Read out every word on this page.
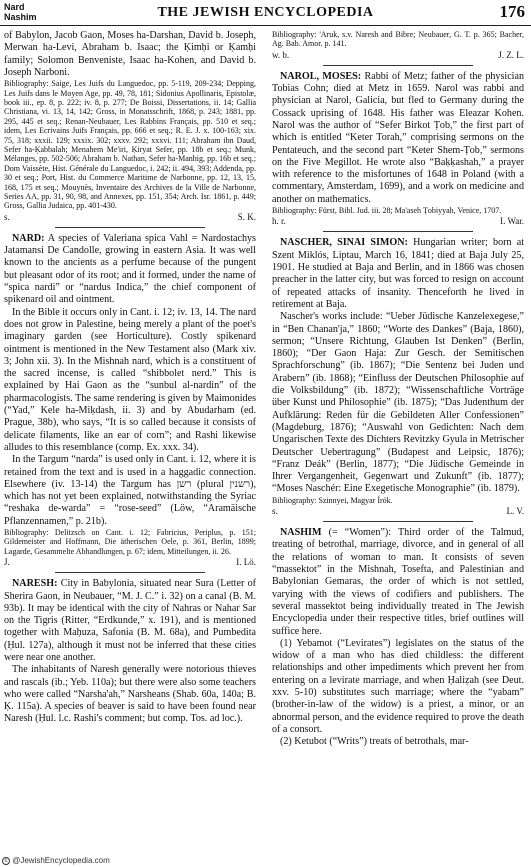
Nard
Nashim	THE JEWISH ENCYCLOPEDIA	176

of Babylon, Jacob Gaon, Moses ha-Darshan, David b. Joseph, Merwan ha-Levi, Abraham b. Isaac; the Ḳimḥi or Ḳamḥi family; Solomon Benveniste, Isaac ha-Kohen, and David b. Joseph Narboni.

Bibliography: Saige, Les Juifs du Languedoc, pp. 5-119, 209-234; Depping, Les Juifs dans le Moyen Age, pp. 49, 78, 181; Sidonius Apollinaris, Epistolæ, book iii., ep. 8, p. 222; iv. 8, p. 277; De Boissi, Dissertations, ii. 14; Gallia Christiana, vi. 13, 14, 142; Gross, in Monatsschrift, 1868, p. 243; 1881, pp. 295, 445 et seq.; Renan-Neubauer, Les Rabbins Français, pp. 510 et seq.; idem, Les Ecrivains Juifs Français, pp. 666 et seq.; R. E. J. x. 100-163; xix. 75, 318; xxxii. 129; xxxix. 302; xxxv. 292; xxxvi. 111; Abraham ibn Daud, Sefer ha-Ḳabbalah; Menahem Me'iri, Ḳiryat Sefer, pp. 18b et seq.; Munk, Mélanges, pp. 502-506; Abraham b. Nathan, Sefer ha-Manhig, pp. 16b et seq.; Dom Vaissète, Hist. Générale du Languedoc, i. 242; ii. 494, 393; Addenda, pp. 30 et seq.; Port, Hist. du Commerce Maritime de Narbonne, pp. 12, 13, 15, 168, 175 et seq.; Mouynès, Inventaire des Archives de la Ville de Narbonne, Series AA, pp. 31, 90, 98, and Annexes, pp. 151, 354; Arch. Isr. 1861, p. 449; Gross, Gallia Judaica, pp. 401-430.

s.	S. K.

NARD: A species of Valeriana spica Vahl = Nardostachys Jatamansi De Candolle, growing in eastern Asia. It was well known to the ancients as a perfume because of the pungent but pleasant odor of its root; and it formed, under the name of “spica nardi” or “nardus Indica,” the chief component of spikenard oil and ointment.

In the Bible it occurs only in Cant. i. 12; iv. 13, 14. The nard does not grow in Palestine, being merely a plant of the poet's imaginary garden (see Horticulture). Costly spikenard ointment is mentioned in the New Testament also (Mark xiv. 3; John xii. 3). In the Mishnah nard, which is a constituent of the sacred incense, is called “shibbolet nerd.” This is explained by Hai Gaon as the “sunbul al-nardin” of the pharmacologists. The same rendering is given by Maimonides (“Yad,” Kele ha-Miḳdash, ii. 3) and by Abudarham (ed. Prague, 38b), who says, “It is so called because it consists of delicate filaments, like an ear of corn”; and Rashi likewise alludes to this resemblance (comp. Ex. xxx. 34).

In the Targum “narda” is used only in Cant. i. 12, where it is retained from the text and is used in a haggadic connection. Elsewhere (iv. 13-14) the Targum has רשן (plural רשנין), which has not yet been explained, notwithstanding the Syriac “reshaka de-warda” = “rose-seed” (Löw, “Aramäische Pflanzennamen,” p. 21b).

Bibliography: Delitzsch on Cant. i. 12; Fabricius, Periplus, p. 151; Gildemeister and Hoffmann, Die ätherischen Oele, p. 361, Berlin, 1899; Lagarde, Gesammelte Abhandlungen, p. 67; idem, Mitteilungen, ii. 26.

J.	I. Lö.

NARESH: City in Babylonia, situated near Sura (Letter of Sherira Gaon, in Neubauer, “M. J. C.” i. 32) on a canal (B. M. 93b). It may be identical with the city of Nahras or Nahar Sar on the Tigris (Ritter, “Erdkunde,” x. 191), and is mentioned together with Maḥuza, Safonia (B. M. 68a), and Pumbedita (Ḥul. 127a), although it must not be inferred that these cities were near one another.

The inhabitants of Naresh generally were notorious thieves and rascals (ib.; Yeb. 110a); but there were also some teachers who were called “Narsha'ah,” Narsheans (Shab. 60a, 140a; B. Ḳ. 115a). A species of beaver is said to have been found near Naresh (Ḥul. l.c. Rashi's comment; but comp. Tos. ad loc.).

Bibliography: 'Aruk, s.v. Naresh and Bibre; Neubauer, G. T. p. 365; Bacher, Ag. Bab. Amor. p. 141.

w. b.	J. Z. L.

NAROL, MOSES: Rabbi of Metz; father of the physician Tobias Cohn; died at Metz in 1659. Narol was rabbi and physician at Narol, Galicia, but fled to Germany during the Cossack uprising of 1648. His father was Eleazar Kohen. Narol was the author of “Sefer Birkot Ṭob,” the first part of which is entitled “Keter Torah,” comprising sermons on the Pentateuch, and the second part “Keter Shem-Ṭob,” sermons on the Five Megillot. He wrote also “Baḳḳashah,” a prayer with reference to the misfortunes of 1648 in Poland (with a commentary, Amsterdam, 1699), and a work on medicine and another on mathematics.

Bibliography: Fürst, Bibl. Jud. iii. 28; Ma'aseh Ṭobiyyah, Venice, 1707.

h. r.	I. War.

NASCHER, SINAI SIMON: Hungarian writer; born at Szent Miklós, Liptau, March 16, 1841; died at Baja July 25, 1901. He studied at Baja and Berlin, and in 1866 was chosen preacher in the latter city, but was forced to resign on account of repeated attacks of insanity. Thenceforth he lived in retirement at Baja.

Nascher's works include: “Ueber Jüdische Kanzelexegese,” in “Ben Chanan'ja,” 1860; “Worte des Dankes” (Baja, 1860), sermon; “Unsere Richtung, Glauben Ist Denken” (Berlin, 1860); “Der Gaon Haja: Zur Gesch. der Semitischen Sprachforschung” (ib. 1867); “Die Sentenz bei Juden und Arabern” (ib. 1868); “Einfluss der Deutschen Philosophie auf die Volksbildung” (ib. 1872); “Wissenschaftliche Vorträge über Kunst und Philosophie” (ib. 1875); “Das Judenthum der Aufklärung: Reden für die Gebildeten Aller Confessionen” (Magdeburg, 1876); “Auswahl von Gedichten: Nach dem Ungarischen Texte des Dichters Revitzky Gyula in Metrischer Deutscher Uebertragung” (Budapest and Leipsic, 1876); “Franz Deák” (Berlin, 1877); “Die Jüdische Gemeinde in Ihrer Vergangenheit, Gegenwart und Zukunft” (ib. 1877); “Moses Naschér: Eine Exegetische Monographie” (ib. 1879).

Bibliography: Szinnyei, Magyar Írók.

s.	L. V.

NASHIM (= “Women”): Third order of the Talmud, treating of betrothal, marriage, divorce, and in general of all the relations of woman to man. It consists of seven “massektot” in the Mishnah, Tosefta, and Palestinian and Babylonian Gemaras, the order of which is not settled, varying with the views of codifiers and publishers. The several massektot being individually treated in The Jewish Encyclopedia under their respective titles, brief outlines will suffice here.

(1) Yebamot (“Levirates”) legislates on the status of the widow of a man who has died childless: the different relationships and other impediments which prevent her from entering on a levirate marriage, and when Ḥaliẓah (see Deut. xxv. 5-10) substitutes such marriage; where the “yabam” (brother-in-law of the widow) is a priest, a minor, or an abnormal person, and the evidence required to prove the death of a consort.

(2) Ketubot (“Writs”) treats of betrothals, mar-

c @JewishEncyclopedia.com
